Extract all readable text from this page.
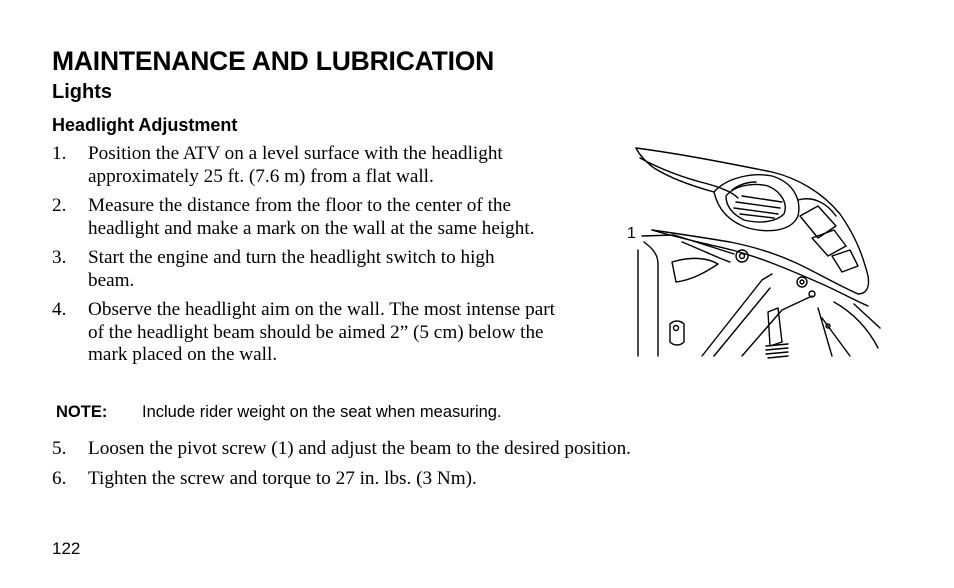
MAINTENANCE AND LUBRICATION
Lights
Headlight Adjustment
1.	Position the ATV on a level surface with the headlight approximately 25 ft. (7.6 m) from a flat wall.
2.	Measure the distance from the floor to the center of the headlight and make a mark on the wall at the same height.
3.	Start the engine and turn the headlight switch to high beam.
4.	Observe the headlight aim on the wall. The most intense part of the headlight beam should be aimed 2” (5 cm) below the mark placed on the wall.
NOTE: Include rider weight on the seat when measuring.
5.	Loosen the pivot screw (1) and adjust the beam to the desired position.
6.	Tighten the screw and torque to 27 in. lbs. (3 Nm).
1
122
